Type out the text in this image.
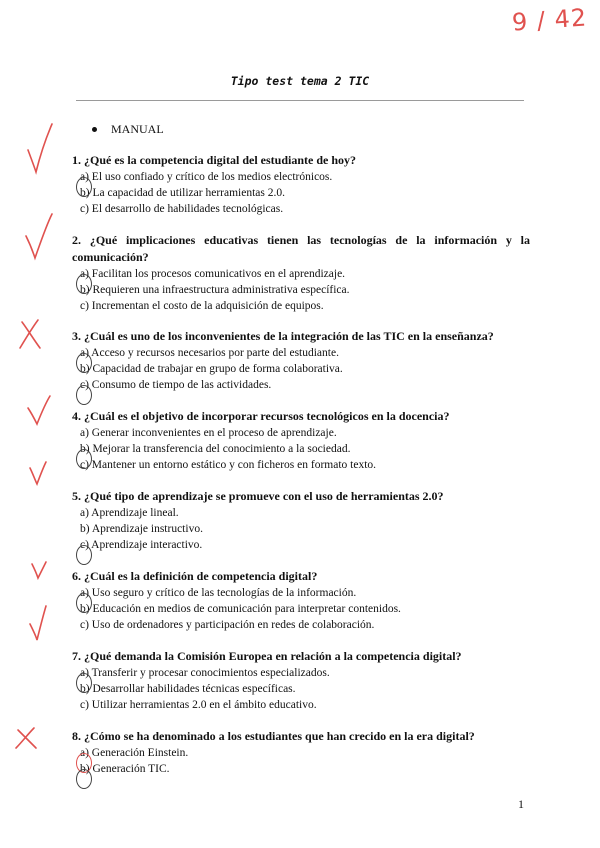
9 / 42
Tipo test tema 2 TIC
MANUAL
1. ¿Qué es la competencia digital del estudiante de hoy?
a) El uso confiado y crítico de los medios electrónicos.
b) La capacidad de utilizar herramientas 2.0.
c) El desarrollo de habilidades tecnológicas.
2. ¿Qué implicaciones educativas tienen las tecnologías de la información y la comunicación?
a) Facilitan los procesos comunicativos en el aprendizaje.
b) Requieren una infraestructura administrativa específica.
c) Incrementan el costo de la adquisición de equipos.
3. ¿Cuál es uno de los inconvenientes de la integración de las TIC en la enseñanza?
a) Acceso y recursos necesarios por parte del estudiante.
b) Capacidad de trabajar en grupo de forma colaborativa.
c) Consumo de tiempo de las actividades.
4. ¿Cuál es el objetivo de incorporar recursos tecnológicos en la docencia?
a) Generar inconvenientes en el proceso de aprendizaje.
b) Mejorar la transferencia del conocimiento a la sociedad.
c) Mantener un entorno estático y con ficheros en formato texto.
5. ¿Qué tipo de aprendizaje se promueve con el uso de herramientas 2.0?
a) Aprendizaje lineal.
b) Aprendizaje instructivo.
c) Aprendizaje interactivo.
6. ¿Cuál es la definición de competencia digital?
a) Uso seguro y crítico de las tecnologías de la información.
b) Educación en medios de comunicación para interpretar contenidos.
c) Uso de ordenadores y participación en redes de colaboración.
7. ¿Qué demanda la Comisión Europea en relación a la competencia digital?
a) Transferir y procesar conocimientos especializados.
b) Desarrollar habilidades técnicas específicas.
c) Utilizar herramientas 2.0 en el ámbito educativo.
8. ¿Cómo se ha denominado a los estudiantes que han crecido en la era digital?
a) Generación Einstein.
b) Generación TIC.
1
